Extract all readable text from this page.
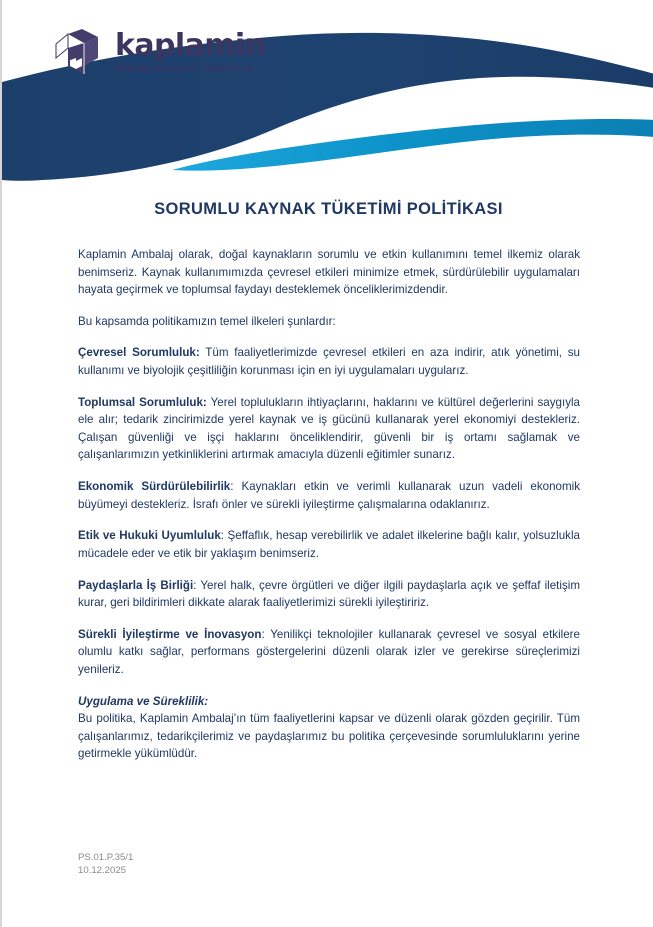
kaplamin
Ambalaj Sanayi ve Ticaret A.Ş.
SORUMLU KAYNAK TÜKETİMİ POLİTİKASI

Kaplamin Ambalaj olarak, doğal kaynakların sorumlu ve etkin kullanımını temel ilkemiz olarak benimseriz. Kaynak kullanımımızda çevresel etkileri minimize etmek, sürdürülebilir uygulamaları hayata geçirmek ve toplumsal faydayı desteklemek önceliklerimizdendir.

Bu kapsamda politikamızın temel ilkeleri şunlardır:

Çevresel Sorumluluk: Tüm faaliyetlerimizde çevresel etkileri en aza indirir, atık yönetimi, su kullanımı ve biyolojik çeşitliliğin korunması için en iyi uygulamaları uygularız.

Toplumsal Sorumluluk: Yerel toplulukların ihtiyaçlarını, haklarını ve kültürel değerlerini saygıyla ele alır; tedarik zincirimizde yerel kaynak ve iş gücünü kullanarak yerel ekonomiyi destekleriz. Çalışan güvenliği ve işçi haklarını önceliklendirir, güvenli bir iş ortamı sağlamak ve çalışanlarımızın yetkinliklerini artırmak amacıyla düzenli eğitimler sunarız.

Ekonomik Sürdürülebilirlik: Kaynakları etkin ve verimli kullanarak uzun vadeli ekonomik büyümeyi destekleriz. İsrafı önler ve sürekli iyileştirme çalışmalarına odaklanırız.

Etik ve Hukuki Uyumluluk: Şeffaflık, hesap verebilirlik ve adalet ilkelerine bağlı kalır, yolsuzlukla mücadele eder ve etik bir yaklaşım benimseriz.

Paydaşlarla İş Birliği: Yerel halk, çevre örgütleri ve diğer ilgili paydaşlarla açık ve şeffaf iletişim kurar, geri bildirimleri dikkate alarak faaliyetlerimizi sürekli iyileştiririz.

Sürekli İyileştirme ve İnovasyon: Yenilikçi teknolojiler kullanarak çevresel ve sosyal etkilere olumlu katkı sağlar, performans göstergelerini düzenli olarak izler ve gerekirse süreçlerimizi yenileriz.

Uygulama ve Süreklilik:
Bu politika, Kaplamin Ambalaj’ın tüm faaliyetlerini kapsar ve düzenli olarak gözden geçirilir. Tüm çalışanlarımız, tedarikçilerimiz ve paydaşlarımız bu politika çerçevesinde sorumluluklarını yerine getirmekle yükümlüdür.

PS.01.P.35/1
10.12.2025
